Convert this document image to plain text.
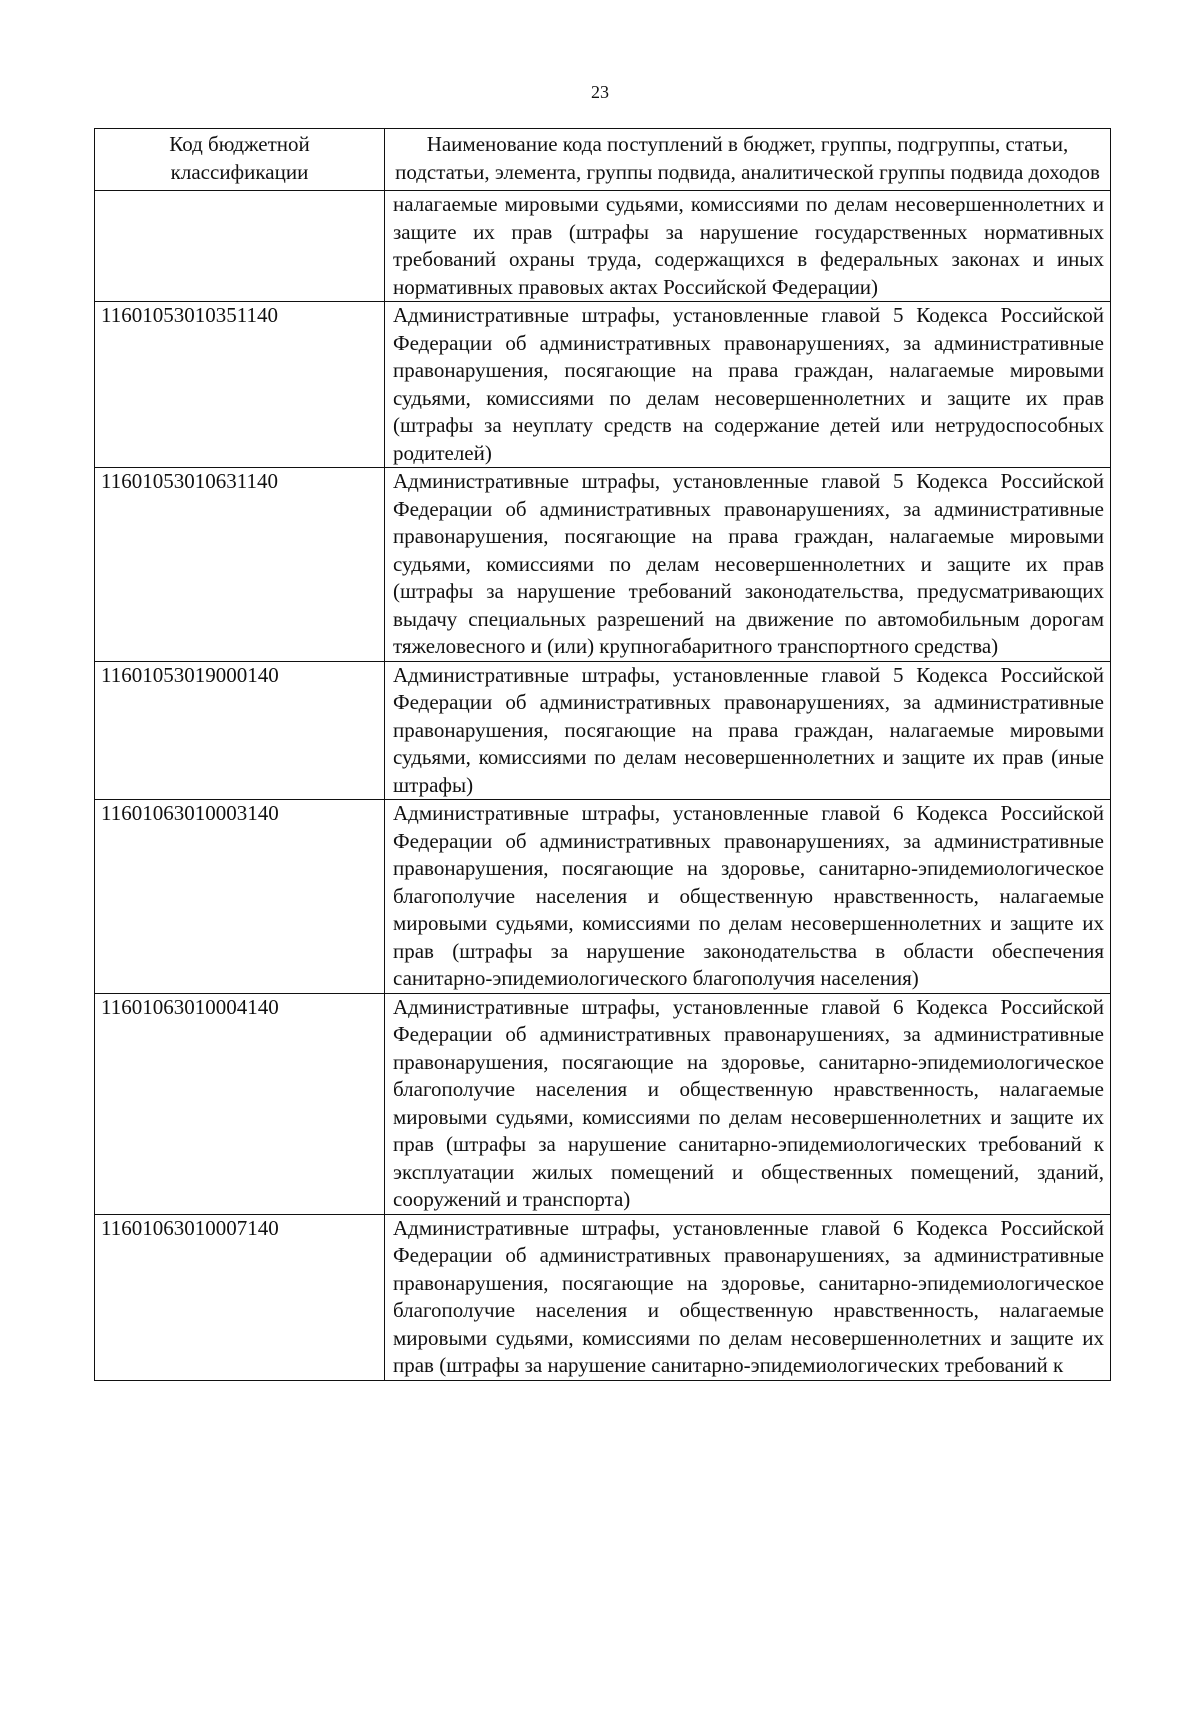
23
Код бюджетной классификации	Наименование кода поступлений в бюджет, группы, подгруппы, статьи, подстатьи, элемента, группы подвида, аналитической группы подвида доходов
	налагаемые мировыми судьями, комиссиями по делам несовершеннолетних и защите их прав (штрафы за нарушение государственных нормативных требований охраны труда, содержащихся в федеральных законах и иных нормативных правовых актах Российской Федерации)
11601053010351140	Административные штрафы, установленные главой 5 Кодекса Российской Федерации об административных правонарушениях, за административные правонарушения, посягающие на права граждан, налагаемые мировыми судьями, комиссиями по делам несовершеннолетних и защите их прав (штрафы за неуплату средств на содержание детей или нетрудоспособных родителей)
11601053010631140	Административные штрафы, установленные главой 5 Кодекса Российской Федерации об административных правонарушениях, за административные правонарушения, посягающие на права граждан, налагаемые мировыми судьями, комиссиями по делам несовершеннолетних и защите их прав (штрафы за нарушение требований законодательства, предусматривающих выдачу специальных разрешений на движение по автомобильным дорогам тяжеловесного и (или) крупногабаритного транспортного средства)
11601053019000140	Административные штрафы, установленные главой 5 Кодекса Российской Федерации об административных правонарушениях, за административные правонарушения, посягающие на права граждан, налагаемые мировыми судьями, комиссиями по делам несовершеннолетних и защите их прав (иные штрафы)
11601063010003140	Административные штрафы, установленные главой 6 Кодекса Российской Федерации об административных правонарушениях, за административные правонарушения, посягающие на здоровье, санитарно-эпидемиологическое благополучие населения и общественную нравственность, налагаемые мировыми судьями, комиссиями по делам несовершеннолетних и защите их прав (штрафы за нарушение законодательства в области обеспечения санитарно-эпидемиологического благополучия населения)
11601063010004140	Административные штрафы, установленные главой 6 Кодекса Российской Федерации об административных правонарушениях, за административные правонарушения, посягающие на здоровье, санитарно-эпидемиологическое благополучие населения и общественную нравственность, налагаемые мировыми судьями, комиссиями по делам несовершеннолетних и защите их прав (штрафы за нарушение санитарно-эпидемиологических требований к эксплуатации жилых помещений и общественных помещений, зданий, сооружений и транспорта)
11601063010007140	Административные штрафы, установленные главой 6 Кодекса Российской Федерации об административных правонарушениях, за административные правонарушения, посягающие на здоровье, санитарно-эпидемиологическое благополучие населения и общественную нравственность, налагаемые мировыми судьями, комиссиями по делам несовершеннолетних и защите их прав (штрафы за нарушение санитарно-эпидемиологических требований к
